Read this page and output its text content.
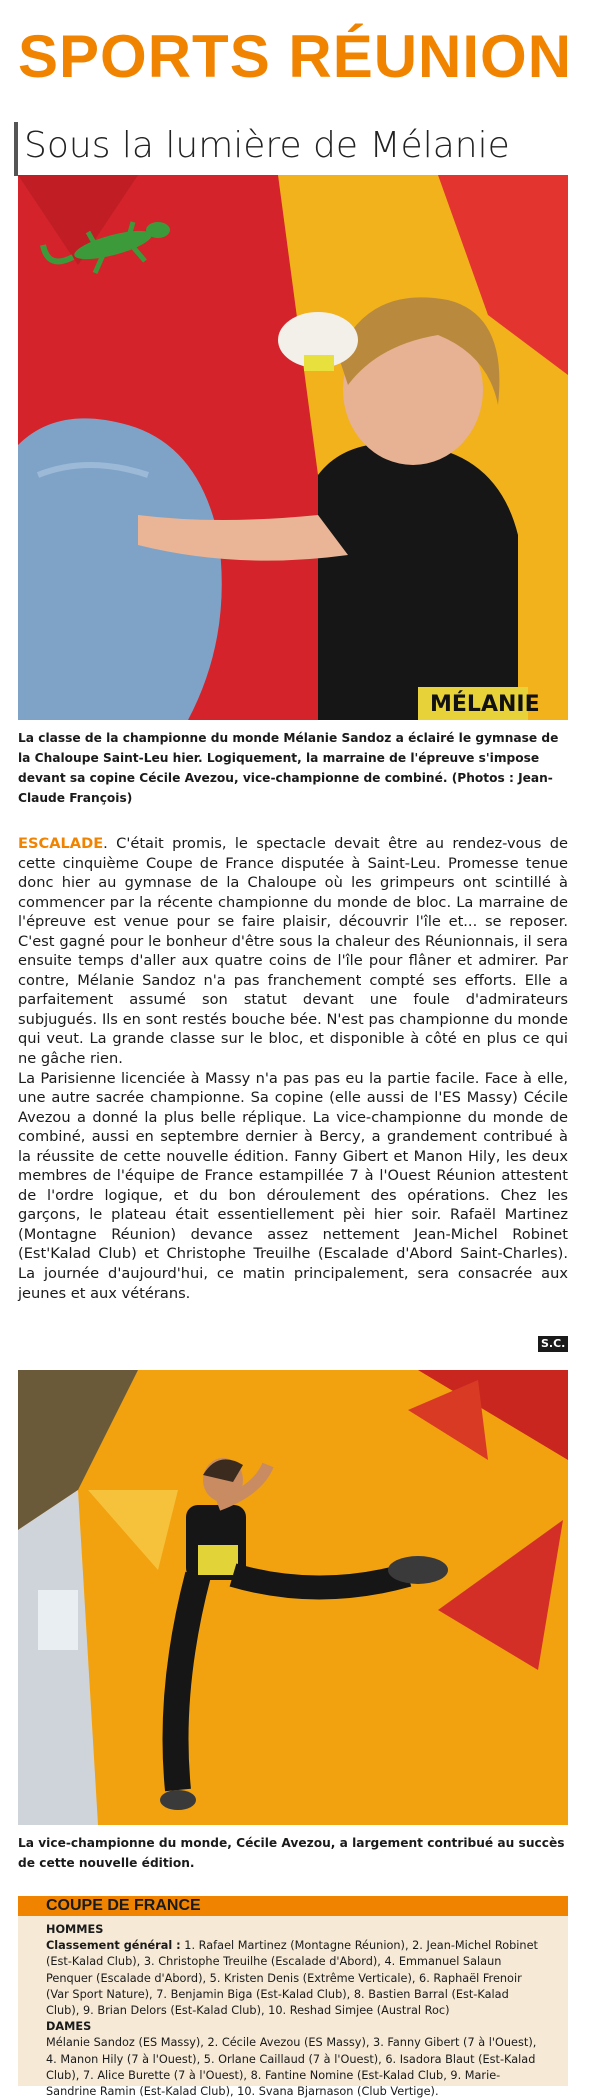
SPORTS RÉUNION
Sous la lumière de Mélanie
MÉLANIE
La classe de la championne du monde Mélanie Sandoz a éclairé le gymnase de la Chaloupe Saint-Leu hier. Logiquement, la marraine de l'épreuve s'impose devant sa copine Cécile Avezou, vice-championne de combiné. (Photos : Jean-Claude François)

ESCALADE. C'était promis, le spectacle devait être au rendez-vous de cette cinquième Coupe de France disputée à Saint-Leu. Promesse tenue donc hier au gymnase de la Chaloupe où les grimpeurs ont scintillé à commencer par la récente championne du monde de bloc. La marraine de l'épreuve est venue pour se faire plaisir, découvrir l'île et... se reposer. C'est gagné pour le bonheur d'être sous la chaleur des Réunionnais, il sera ensuite temps d'aller aux quatre coins de l'île pour flâner et admirer. Par contre, Mélanie Sandoz n'a pas franchement compté ses efforts. Elle a parfaitement assumé son statut devant une foule d'admirateurs subjugués. Ils en sont restés bouche bée. N'est pas championne du monde qui veut. La grande classe sur le bloc, et disponible à côté en plus ce qui ne gâche rien.

La Parisienne licenciée à Massy n'a pas pas eu la partie facile. Face à elle, une autre sacrée championne. Sa copine (elle aussi de l'ES Massy) Cécile Avezou a donné la plus belle réplique. La vice-championne du monde de combiné, aussi en septembre dernier à Bercy, a grandement contribué à la réussite de cette nouvelle édition. Fanny Gibert et Manon Hily, les deux membres de l'équipe de France estampillée 7 à l'Ouest Réunion attestent de l'ordre logique, et du bon déroulement des opérations. Chez les garçons, le plateau était essentiellement pèi hier soir. Rafaël Martinez (Montagne Réunion) devance assez nettement Jean-Michel Robinet (Est'Kalad Club) et Christophe Treuilhe (Escalade d'Abord Saint-Charles). La journée d'aujourd'hui, ce matin principalement, sera consacrée aux jeunes et aux vétérans.

S.C.
La vice-championne du monde, Cécile Avezou, a largement contribué au succès de cette nouvelle édition.
COUPE DE FRANCE
HOMMES
Classement général : 1. Rafael Martinez (Montagne Réunion), 2. Jean-Michel Robinet (Est-Kalad Club), 3. Christophe Treuilhe (Escalade d'Abord), 4. Emmanuel Salaun Penquer (Escalade d'Abord), 5. Kristen Denis (Extrême Verticale), 6. Raphaël Frenoir (Var Sport Nature), 7. Benjamin Biga (Est-Kalad Club), 8. Bastien Barral (Est-Kalad Club), 9. Brian Delors (Est-Kalad Club), 10. Reshad Simjee (Austral Roc)
DAMES
Mélanie Sandoz (ES Massy), 2. Cécile Avezou (ES Massy), 3. Fanny Gibert (7 à l'Ouest), 4. Manon Hily (7 à l'Ouest), 5. Orlane Caillaud (7 à l'Ouest), 6. Isadora Blaut (Est-Kalad Club), 7. Alice Burette (7 à l'Ouest), 8. Fantine Nomine (Est-Kalad Club, 9. Marie-Sandrine Ramin (Est-Kalad Club), 10. Svana Bjarnason (Club Vertige).
